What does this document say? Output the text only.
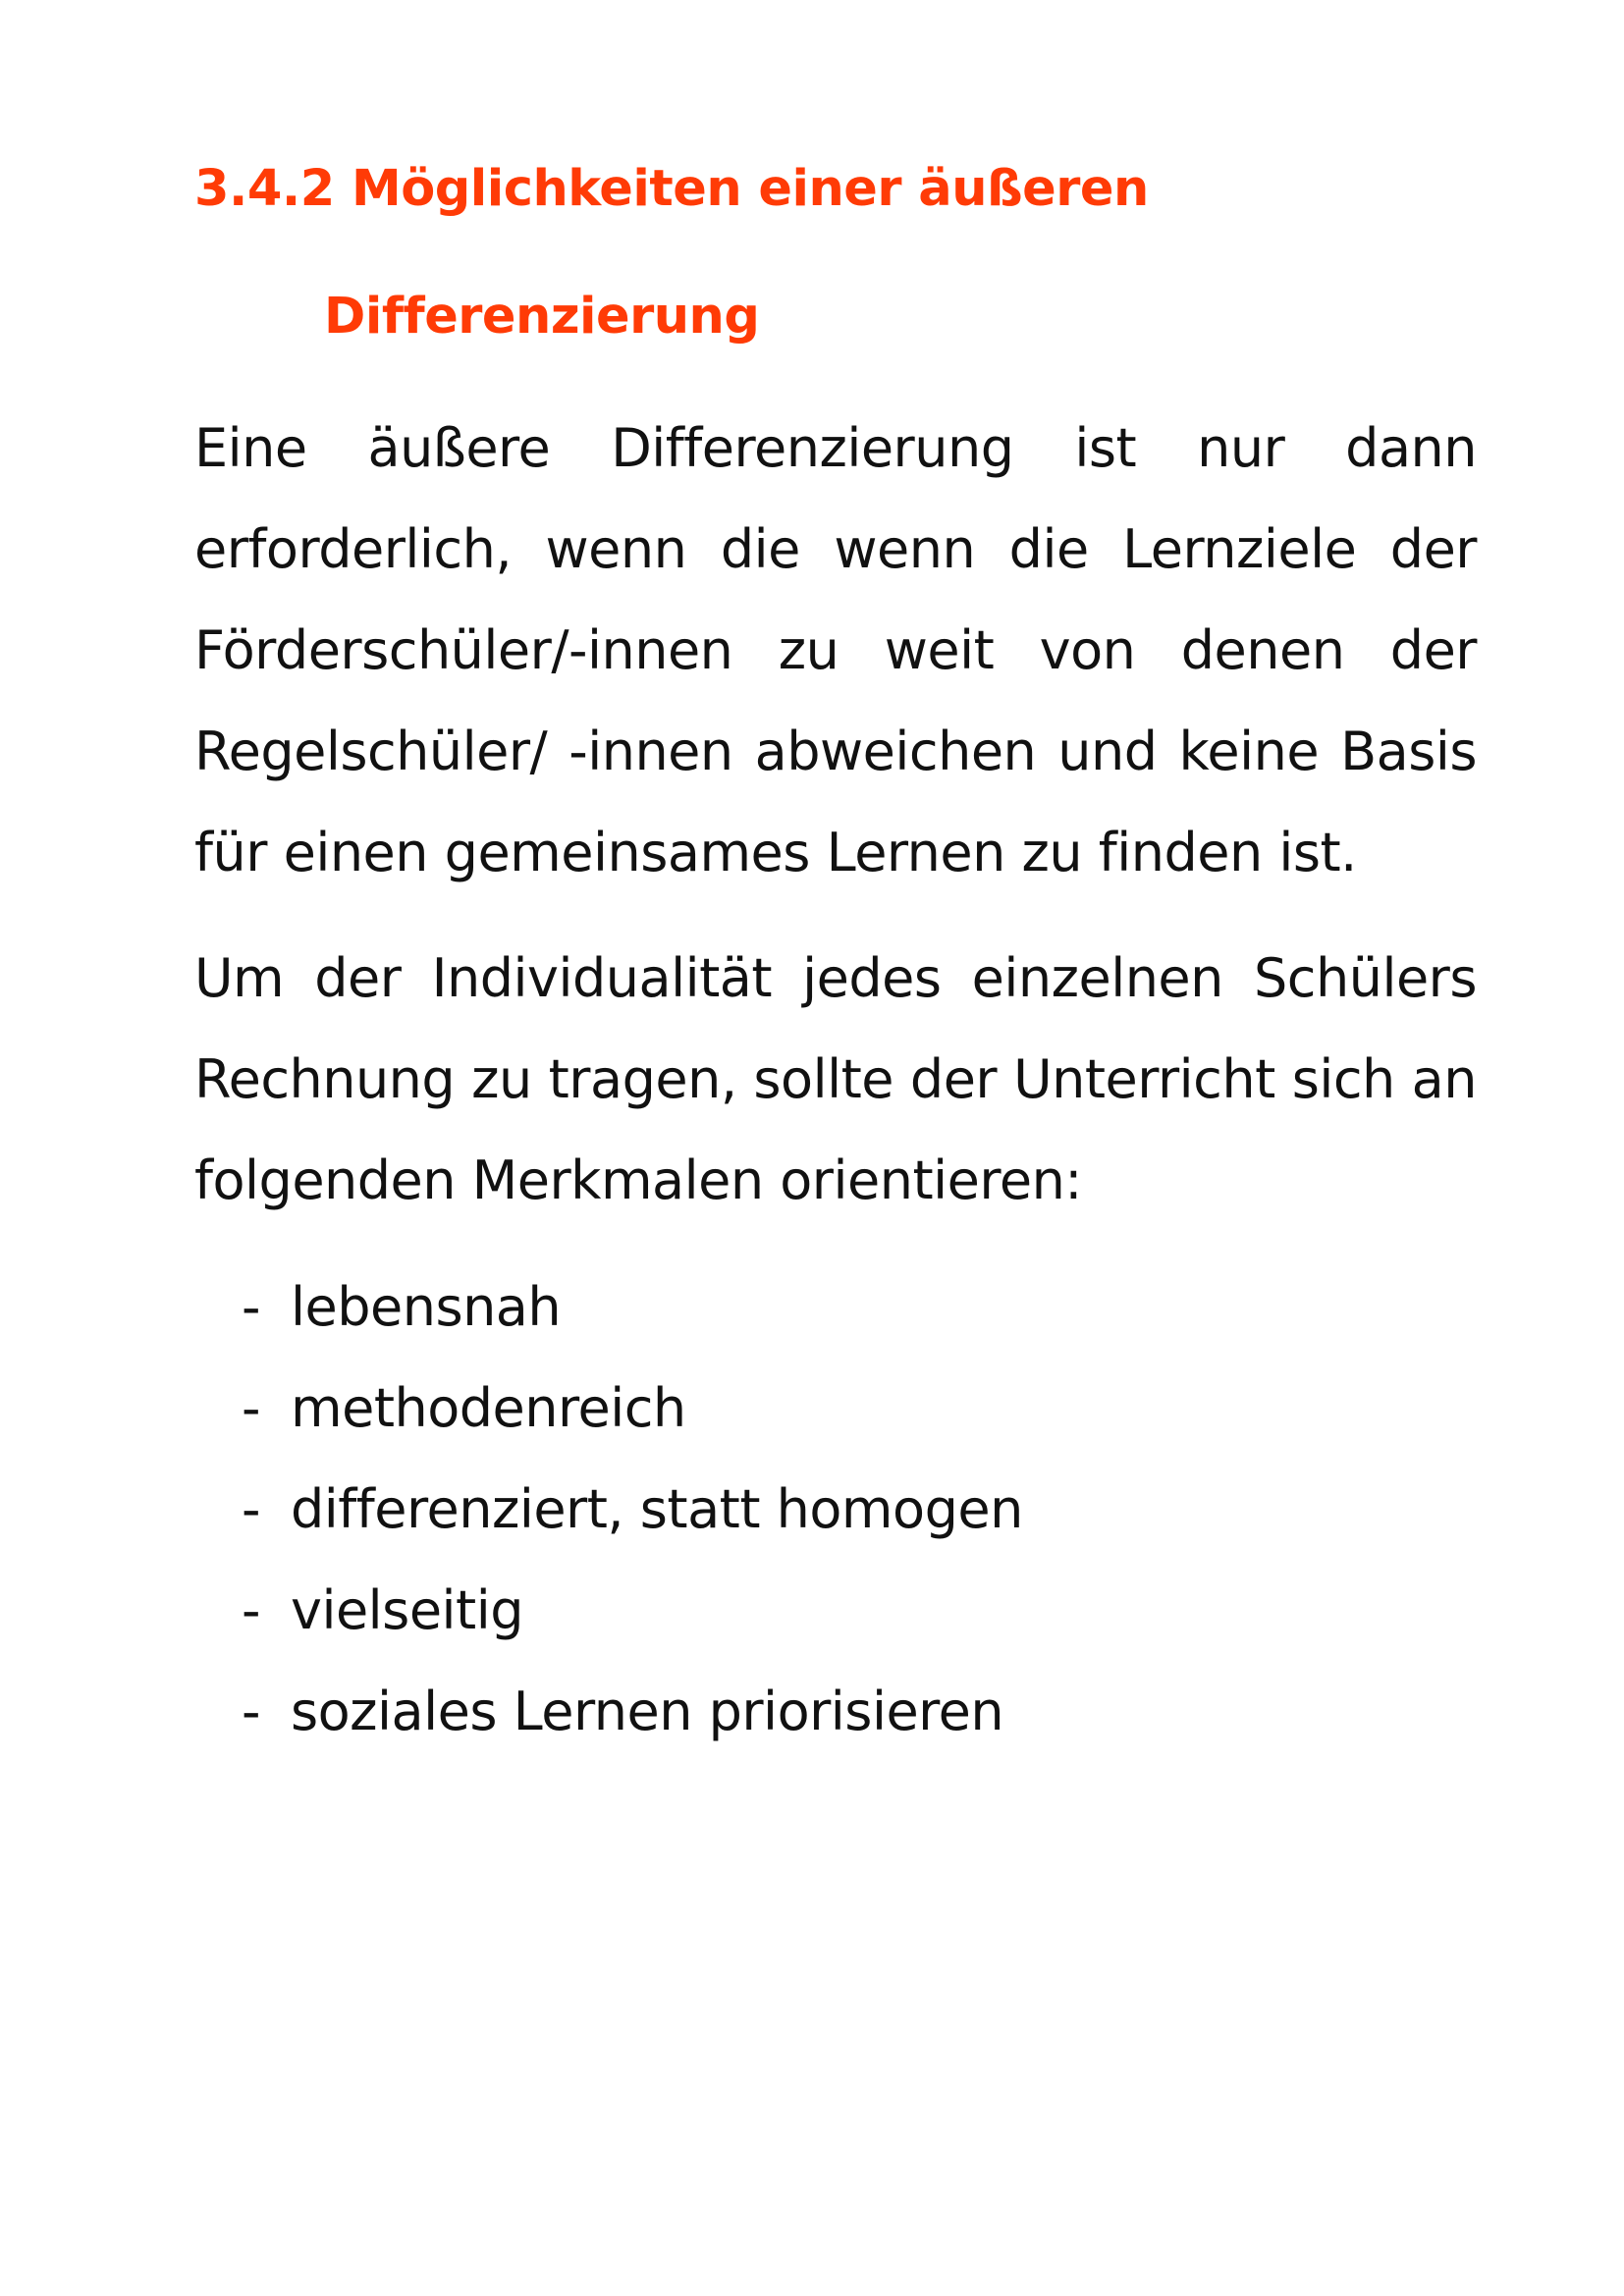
3.4.2 Möglichkeiten einer äußeren
Differenzierung
Eine äußere Differenzierung ist nur dann
erforderlich, wenn die wenn die Lernziele der
Förderschüler/-innen zu weit von denen der
Regelschüler/ -innen abweichen und keine Basis
für einen gemeinsames Lernen zu finden ist.
Um der Individualität jedes einzelnen Schülers
Rechnung zu tragen, sollte der Unterricht sich an
folgenden Merkmalen orientieren:
- lebensnah
- methodenreich
- differenziert, statt homogen
- vielseitig
- soziales Lernen priorisieren
